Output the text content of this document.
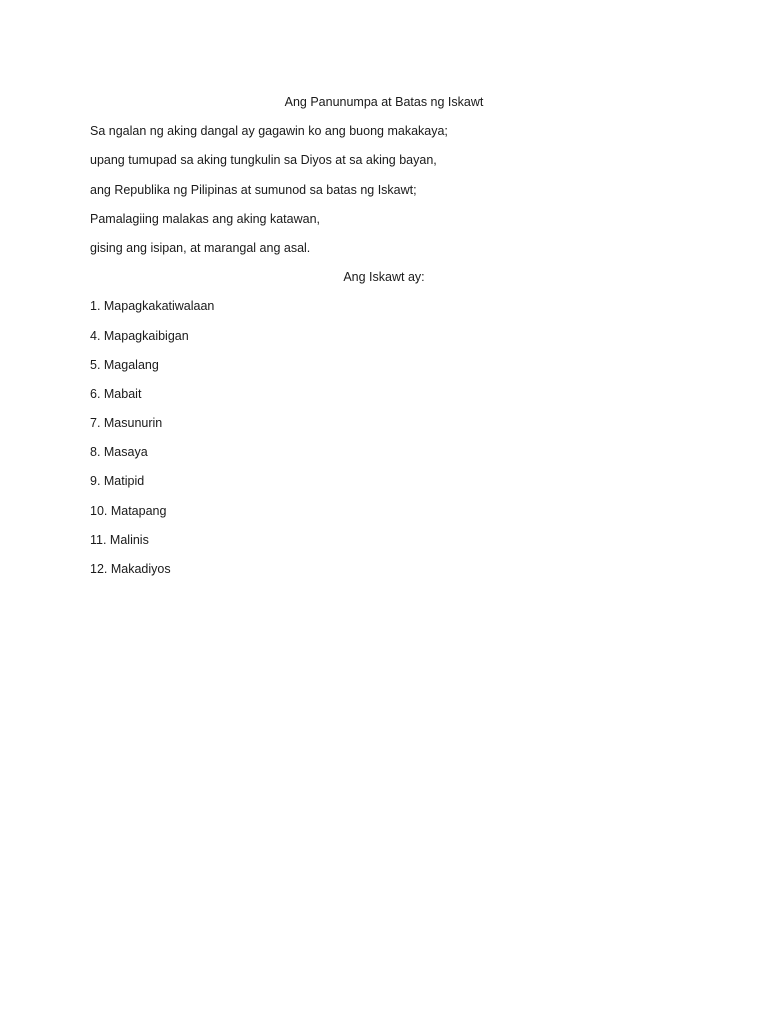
Ang Panunumpa at Batas ng Iskawt
Sa ngalan ng aking dangal ay gagawin ko ang buong makakaya;
upang tumupad sa aking tungkulin sa Diyos at sa aking bayan,
ang Republika ng Pilipinas at sumunod sa batas ng Iskawt;
Pamalagiing malakas ang aking katawan,
gising ang isipan, at marangal ang asal.
Ang Iskawt ay:
1. Mapagkakatiwalaan
4. Mapagkaibigan
5. Magalang
6. Mabait
7. Masunurin
8. Masaya
9. Matipid
10. Matapang
11. Malinis
12. Makadiyos
